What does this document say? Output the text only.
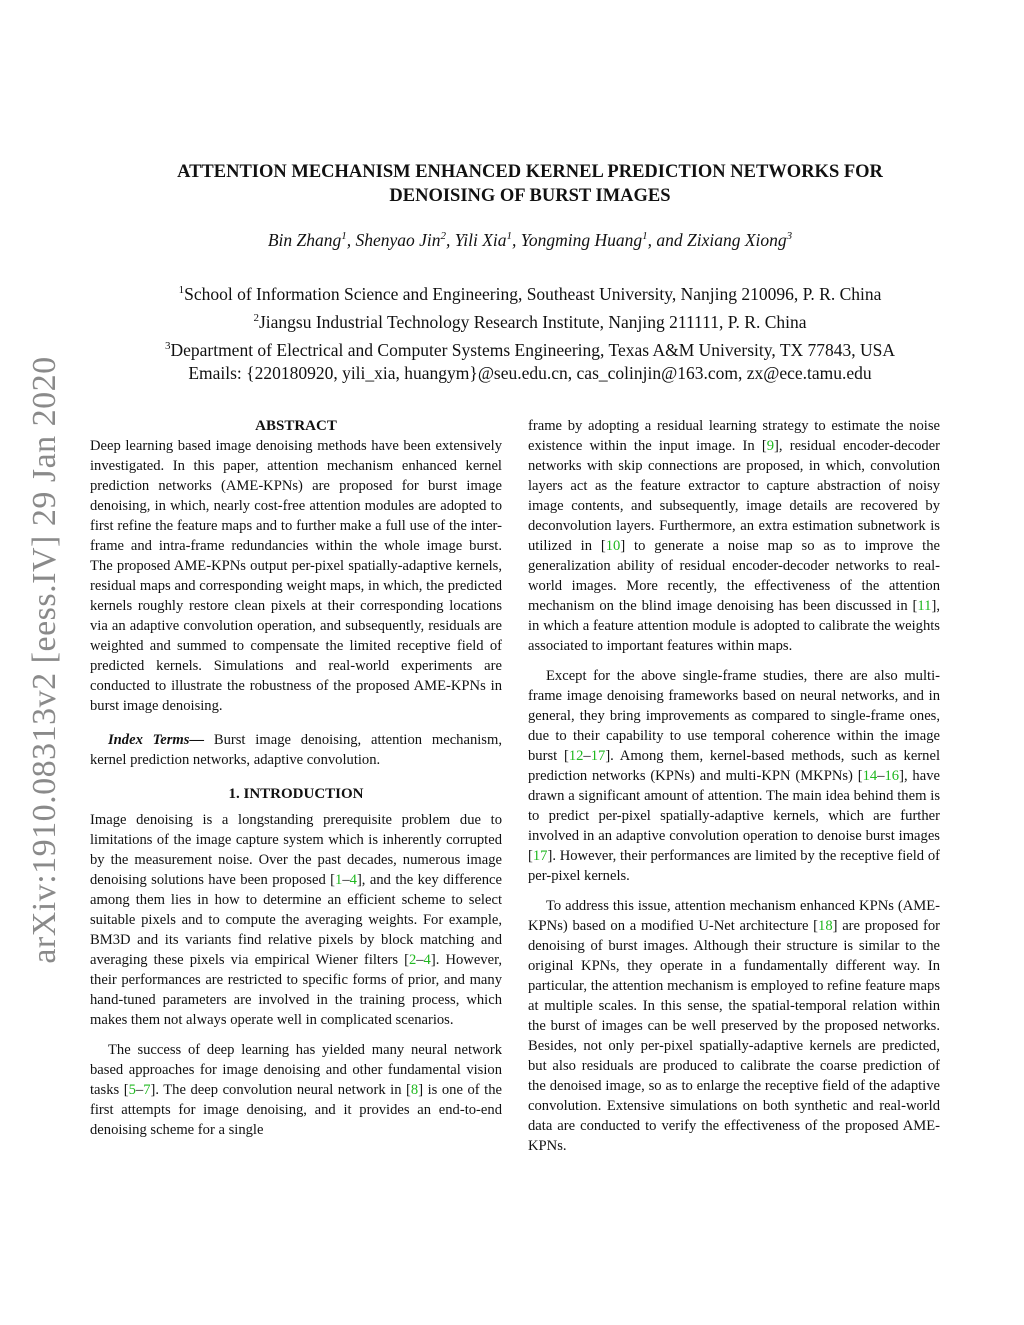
arXiv:1910.08313v2 [eess.IV] 29 Jan 2020
ATTENTION MECHANISM ENHANCED KERNEL PREDICTION NETWORKS FOR
DENOISING OF BURST IMAGES
Bin Zhang$^1$, Shenyao Jin$^2$, Yili Xia$^1$, Yongming Huang$^1$, and Zixiang Xiong$^3$
$^1$School of Information Science and Engineering, Southeast University, Nanjing 210096, P. R. China
$^2$Jiangsu Industrial Technology Research Institute, Nanjing 211111, P. R. China
$^3$Department of Electrical and Computer Systems Engineering, Texas A&M University, TX 77843, USA
Emails: {220180920, yili_xia, huangym}@seu.edu.cn, cas_colinjin@163.com, zx@ece.tamu.edu

ABSTRACT

Deep learning based image denoising methods have been extensively investigated. In this paper, attention mechanism enhanced kernel prediction networks (AME-KPNs) are proposed for burst image denoising, in which, nearly cost-free attention modules are adopted to first refine the feature maps and to further make a full use of the inter-frame and intra-frame redundancies within the whole image burst. The proposed AME-KPNs output per-pixel spatially-adaptive kernels, residual maps and corresponding weight maps, in which, the predicted kernels roughly restore clean pixels at their corresponding locations via an adaptive convolution operation, and subsequently, residuals are weighted and summed to compensate the limited receptive field of predicted kernels. Simulations and real-world experiments are conducted to illustrate the robustness of the proposed AME-KPNs in burst image denoising.

Index Terms— Burst image denoising, attention mechanism, kernel prediction networks, adaptive convolution.

1. INTRODUCTION

Image denoising is a longstanding prerequisite problem due to limitations of the image capture system which is inherently corrupted by the measurement noise. Over the past decades, numerous image denoising solutions have been proposed [1–4], and the key difference among them lies in how to determine an efficient scheme to select suitable pixels and to compute the averaging weights. For example, BM3D and its variants find relative pixels by block matching and averaging these pixels via empirical Wiener filters [2–4]. However, their performances are restricted to specific forms of prior, and many hand-tuned parameters are involved in the training process, which makes them not always operate well in complicated scenarios.

The success of deep learning has yielded many neural network based approaches for image denoising and other fundamental vision tasks [5–7]. The deep convolution neural network in [8] is one of the first attempts for image denoising, and it provides an end-to-end denoising scheme for a single

frame by adopting a residual learning strategy to estimate the noise existence within the input image. In [9], residual encoder-decoder networks with skip connections are proposed, in which, convolution layers act as the feature extractor to capture abstraction of noisy image contents, and subsequently, image details are recovered by deconvolution layers. Furthermore, an extra estimation subnetwork is utilized in [10] to generate a noise map so as to improve the generalization ability of residual encoder-decoder networks to real-world images. More recently, the effectiveness of the attention mechanism on the blind image denoising has been discussed in [11], in which a feature attention module is adopted to calibrate the weights associated to important features within maps.

Except for the above single-frame studies, there are also multi-frame image denoising frameworks based on neural networks, and in general, they bring improvements as compared to single-frame ones, due to their capability to use temporal coherence within the image burst [12–17]. Among them, kernel-based methods, such as kernel prediction networks (KPNs) and multi-KPN (MKPNs) [14–16], have drawn a significant amount of attention. The main idea behind them is to predict per-pixel spatially-adaptive kernels, which are further involved in an adaptive convolution operation to denoise burst images [17]. However, their performances are limited by the receptive field of per-pixel kernels.

To address this issue, attention mechanism enhanced KPNs (AME-KPNs) based on a modified U-Net architecture [18] are proposed for denoising of burst images. Although their structure is similar to the original KPNs, they operate in a fundamentally different way. In particular, the attention mechanism is employed to refine feature maps at multiple scales. In this sense, the spatial-temporal relation within the burst of images can be well preserved by the proposed networks. Besides, not only per-pixel spatially-adaptive kernels are predicted, but also residuals are produced to calibrate the coarse prediction of the denoised image, so as to enlarge the receptive field of the adaptive convolution. Extensive simulations on both synthetic and real-world data are conducted to verify the effectiveness of the proposed AME-KPNs.
